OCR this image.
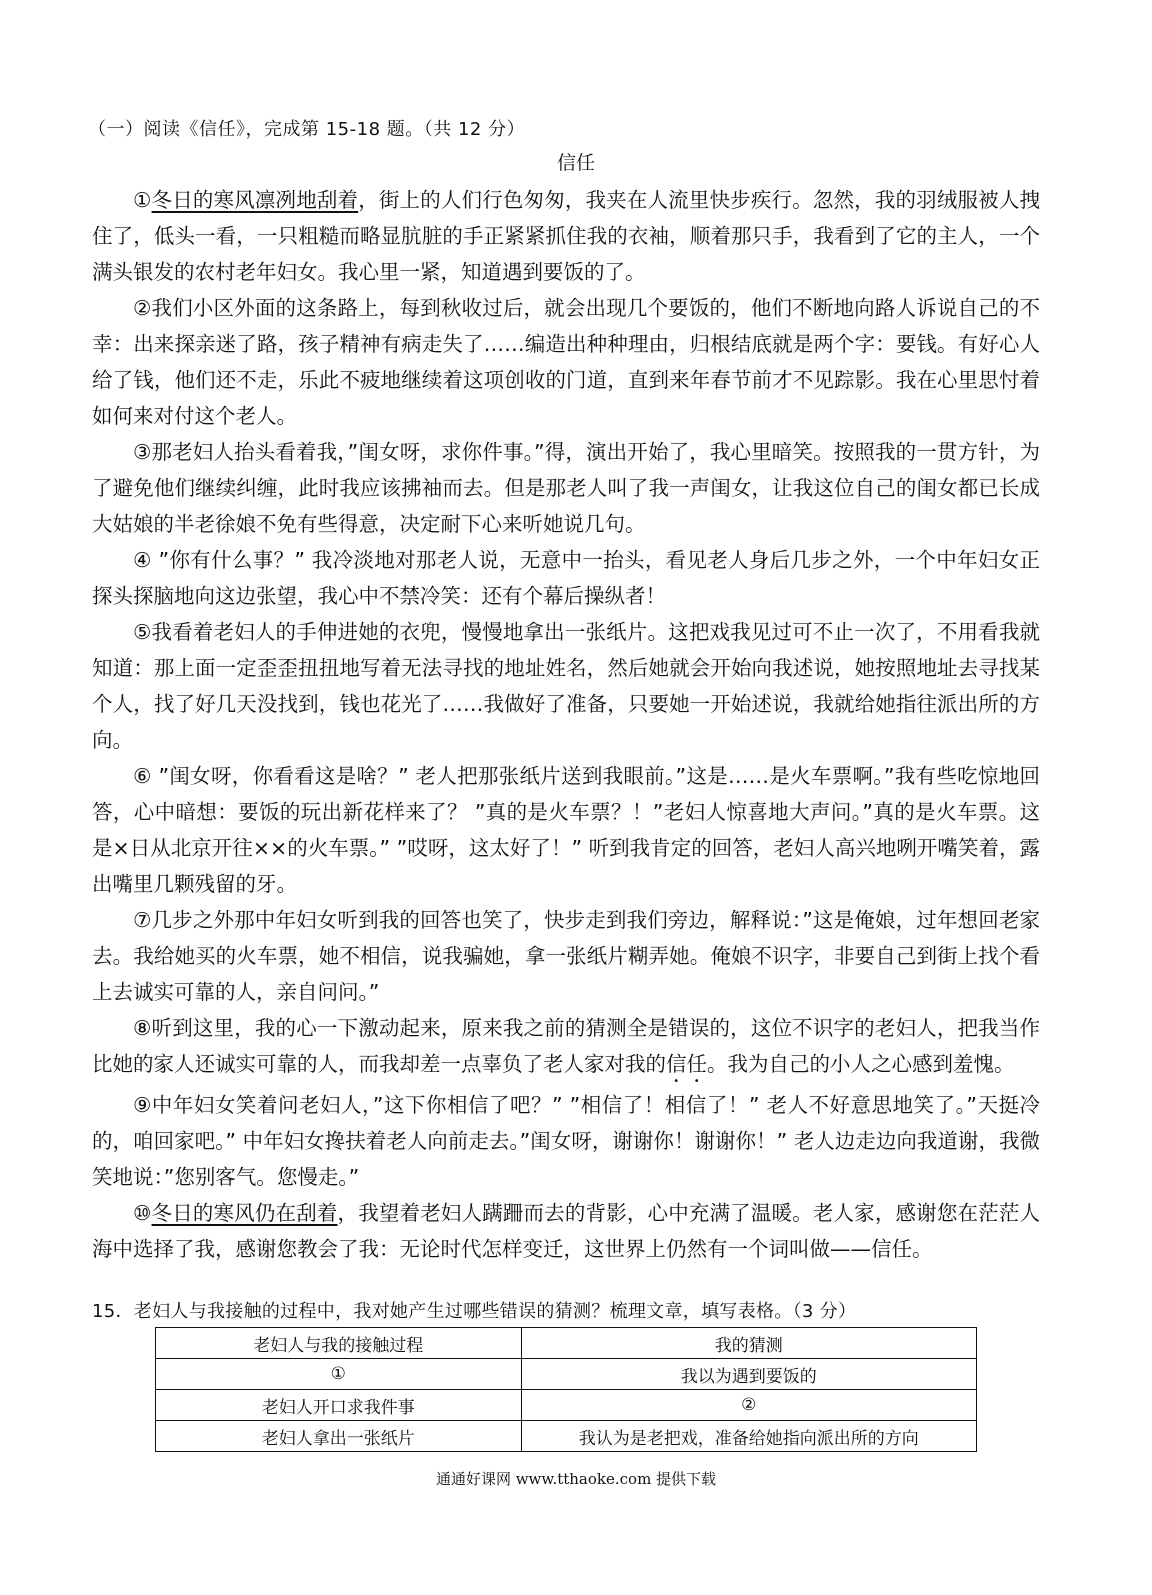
（一）阅读《信任》，完成第 15-18 题。（共 12 分）
信任

①冬日的寒风凛冽地刮着，街上的人们行色匆匆，我夹在人流里快步疾行。忽然，我的羽绒服被人拽住了，低头一看，一只粗糙而略显肮脏的手正紧紧抓住我的衣袖，顺着那只手，我看到了它的主人，一个满头银发的农村老年妇女。我心里一紧，知道遇到要饭的了。

②我们小区外面的这条路上，每到秋收过后，就会出现几个要饭的，他们不断地向路人诉说自己的不幸：出来探亲迷了路，孩子精神有病走失了……编造出种种理由，归根结底就是两个字：要钱。有好心人给了钱，他们还不走，乐此不疲地继续着这项创收的门道，直到来年春节前才不见踪影。我在心里思忖着如何来对付这个老人。

③那老妇人抬头看着我，”闺女呀，求你件事。”得，演出开始了，我心里暗笑。按照我的一贯方针，为了避免他们继续纠缠，此时我应该拂袖而去。但是那老人叫了我一声闺女，让我这位自己的闺女都已长成大姑娘的半老徐娘不免有些得意，决定耐下心来听她说几句。

④ ”你有什么事？” 我冷淡地对那老人说，无意中一抬头，看见老人身后几步之外，一个中年妇女正探头探脑地向这边张望，我心中不禁冷笑：还有个幕后操纵者！

⑤我看着老妇人的手伸进她的衣兜，慢慢地拿出一张纸片。这把戏我见过可不止一次了，不用看我就知道：那上面一定歪歪扭扭地写着无法寻找的地址姓名，然后她就会开始向我述说，她按照地址去寻找某个人，找了好几天没找到，钱也花光了……我做好了准备，只要她一开始述说，我就给她指往派出所的方向。

⑥ ”闺女呀，你看看这是啥？” 老人把那张纸片送到我眼前。”这是……是火车票啊。”我有些吃惊地回答，心中暗想：要饭的玩出新花样来了？ ”真的是火车票？！”老妇人惊喜地大声问。”真的是火车票。这是×日从北京开往××的火车票。” ”哎呀，这太好了！” 听到我肯定的回答，老妇人高兴地咧开嘴笑着，露出嘴里几颗残留的牙。

⑦几步之外那中年妇女听到我的回答也笑了，快步走到我们旁边，解释说：”这是俺娘，过年想回老家去。我给她买的火车票，她不相信，说我骗她，拿一张纸片糊弄她。俺娘不识字，非要自己到街上找个看上去诚实可靠的人，亲自问问。”

⑧听到这里，我的心一下激动起来，原来我之前的猜测全是错误的，这位不识字的老妇人，把我当作比她的家人还诚实可靠的人，而我却差一点辜负了老人家对我的信任。我为自己的小人之心感到羞愧。

⑨中年妇女笑着问老妇人，”这下你相信了吧？” ”相信了！相信了！” 老人不好意思地笑了。”天挺冷的，咱回家吧。” 中年妇女搀扶着老人向前走去。”闺女呀，谢谢你！谢谢你！” 老人边走边向我道谢，我微笑地说：”您别客气。您慢走。”

⑩冬日的寒风仍在刮着，我望着老妇人蹒跚而去的背影，心中充满了温暖。老人家，感谢您在茫茫人海中选择了我，感谢您教会了我：无论时代怎样变迁，这世界上仍然有一个词叫做——信任。

15．老妇人与我接触的过程中，我对她产生过哪些错误的猜测？梳理文章，填写表格。（3 分）
老妇人与我的接触过程	我的猜测
①	我以为遇到要饭的
老妇人开口求我件事	②
老妇人拿出一张纸片	我认为是老把戏，准备给她指向派出所的方向
通通好课网 www.tthaoke.com 提供下载
